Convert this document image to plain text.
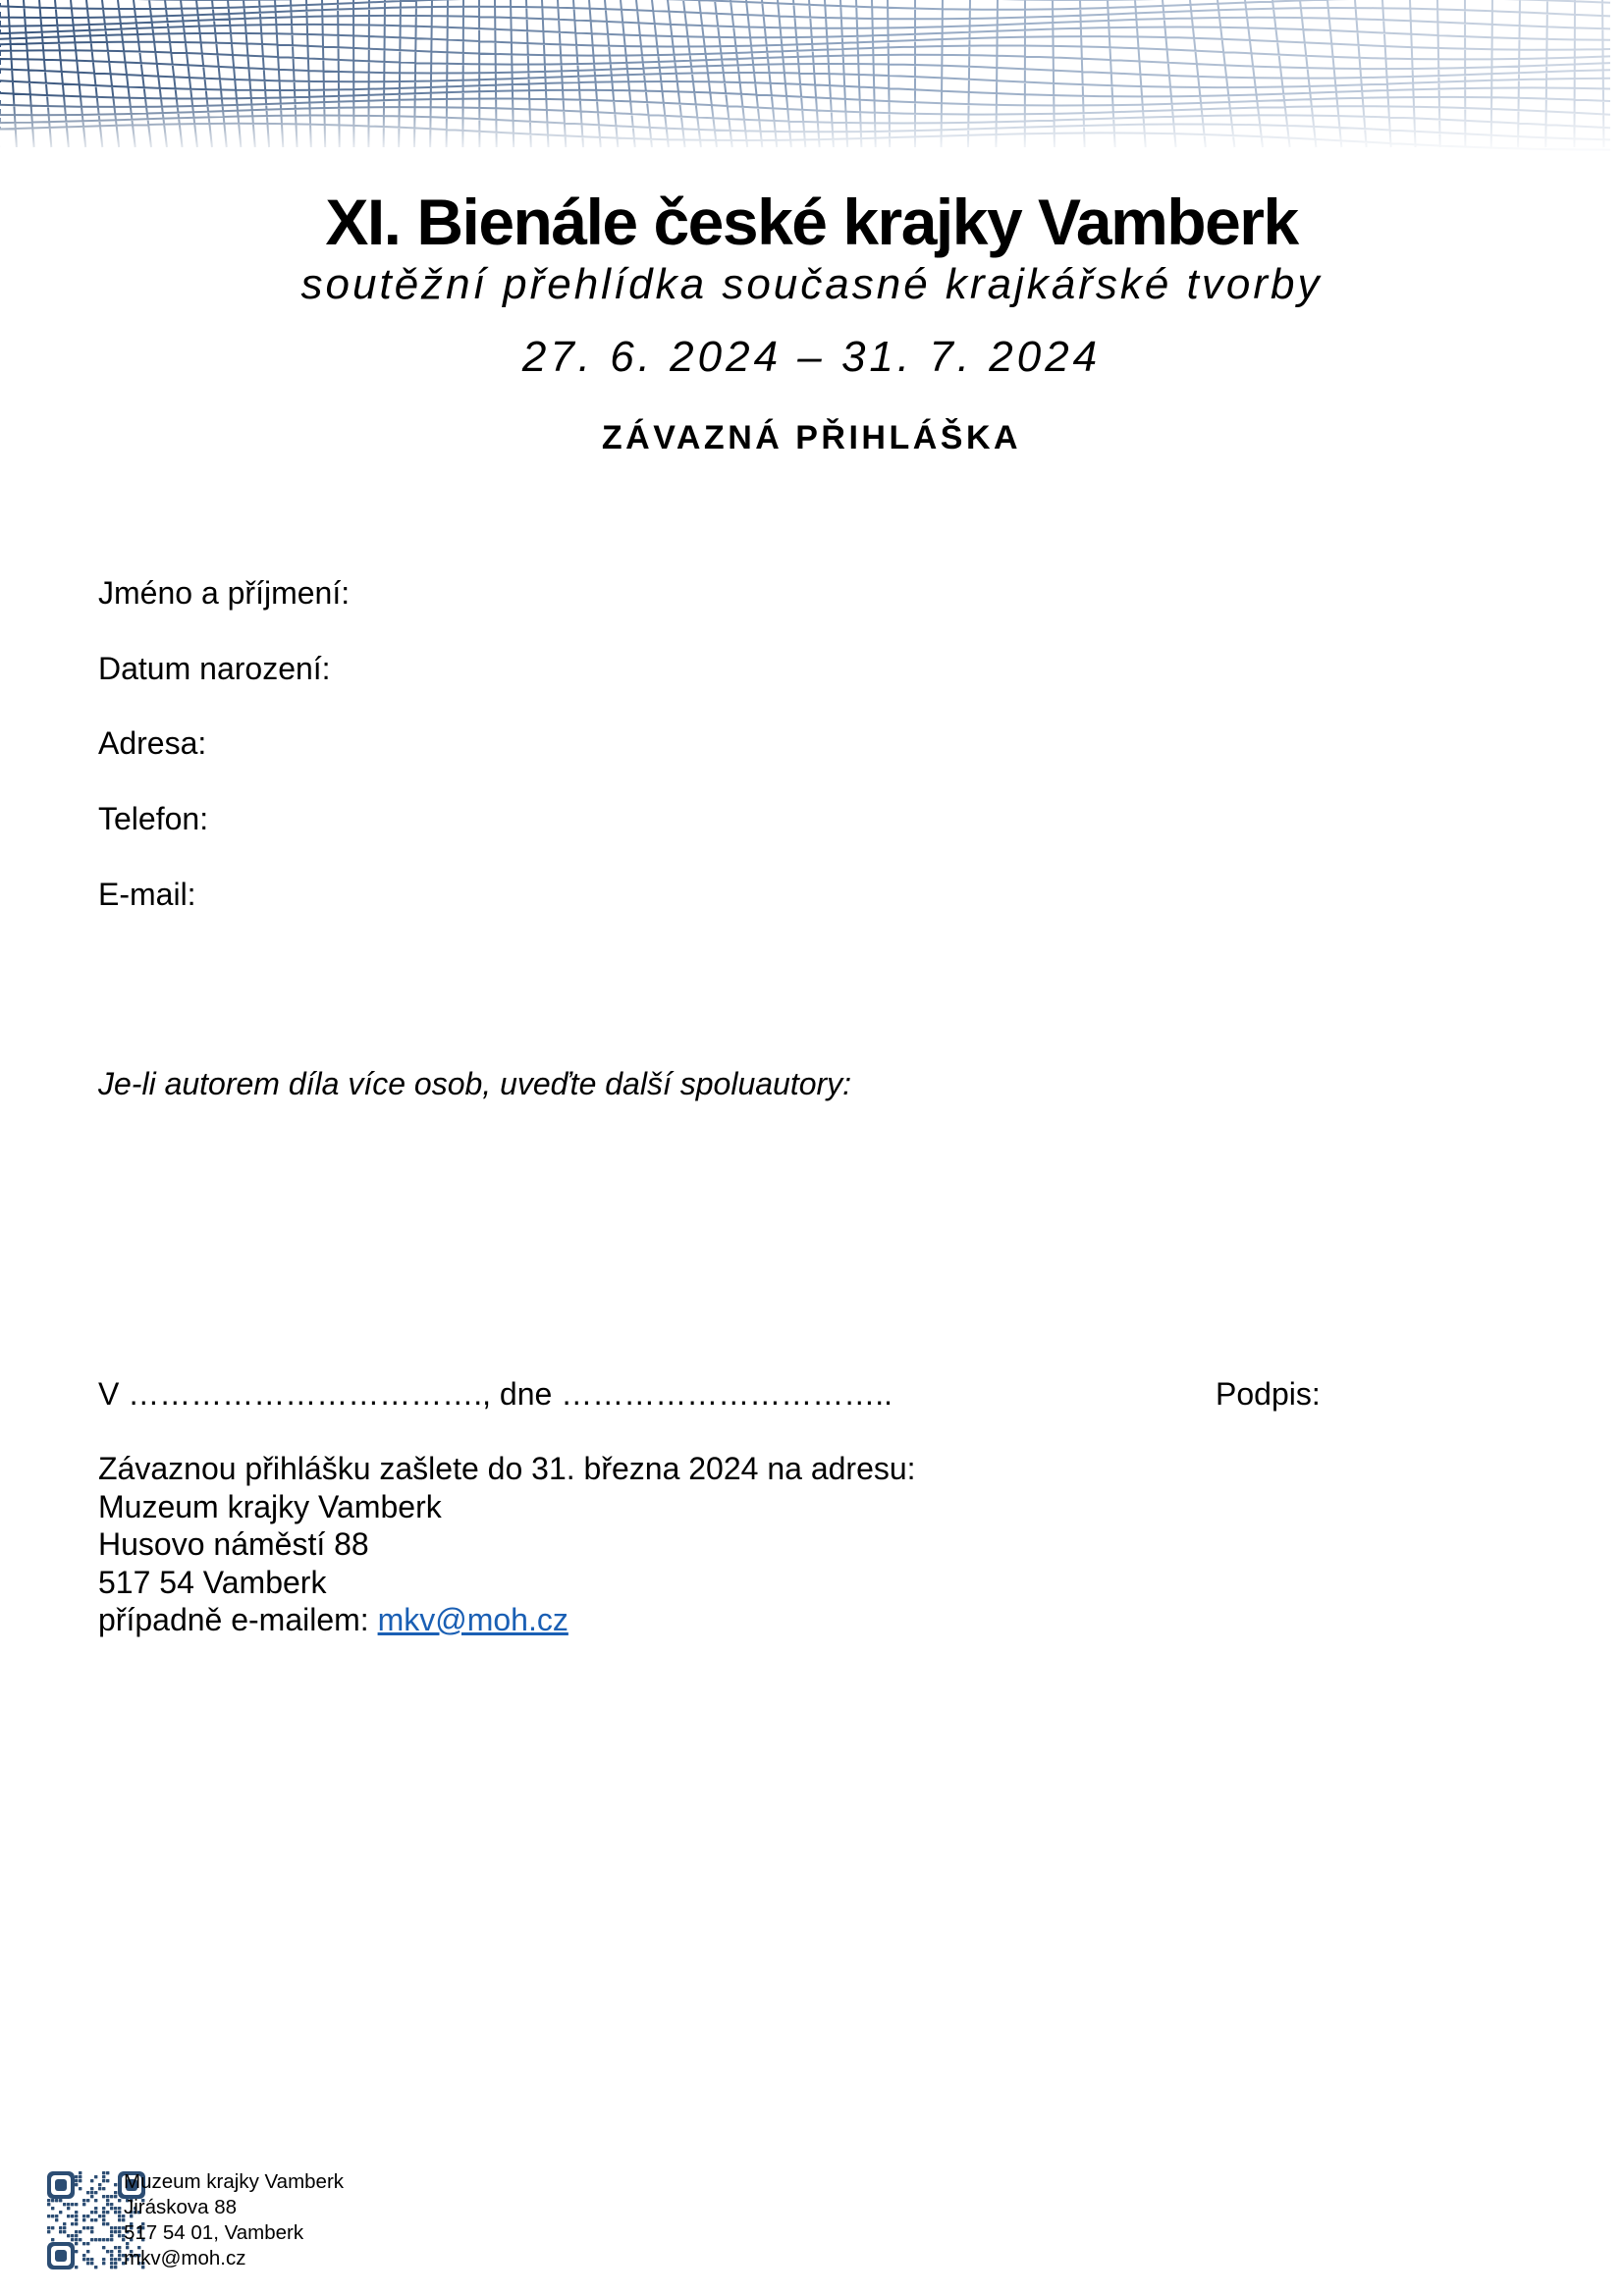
XI. Bienále české krajky Vamberk
soutěžní přehlídka současné krajkářské tvorby
27. 6. 2024 – 31. 7. 2024
ZÁVAZNÁ PŘIHLÁŠKA
Jméno a příjmení:
Datum narození:
Adresa:
Telefon:
E-mail:
Je-li autorem díla více osob, uveďte další spoluautory:
V ……………………………., dne …………………………..	Podpis:
Závaznou přihlášku zašlete do 31. března 2024 na adresu:
Muzeum krajky Vamberk
Husovo náměstí 88
517 54 Vamberk
případně e-mailem: mkv@moh.cz
Muzeum krajky Vamberk
Jiráskova 88
517 54 01, Vamberk
mkv@moh.cz
